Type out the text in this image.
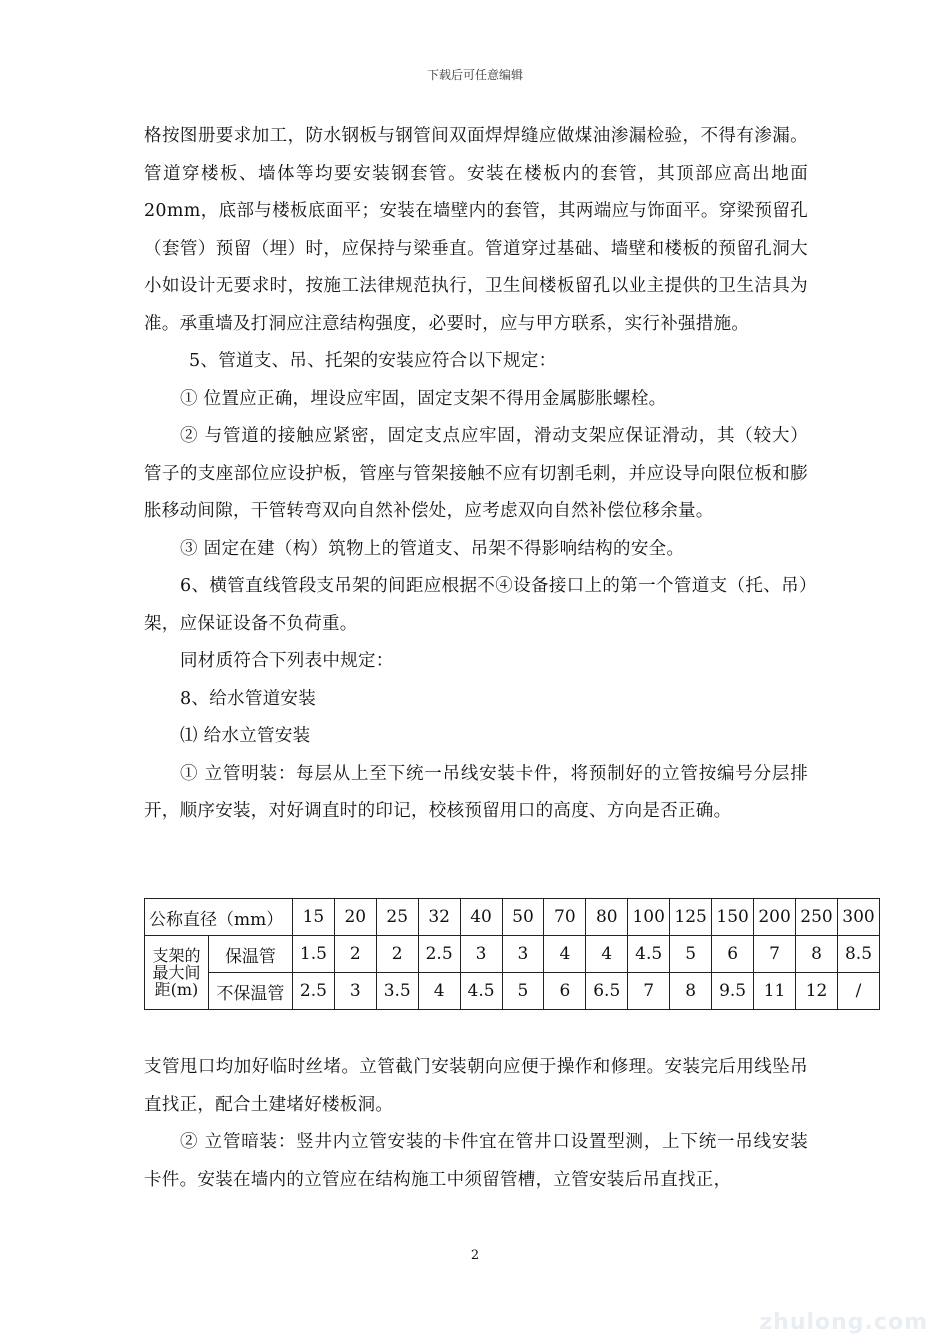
下载后可任意编辑

格按图册要求加工，防水钢板与钢管间双面焊焊缝应做煤油渗漏检验，不得有渗漏。管道穿楼板、墙体等均要安装钢套管。安装在楼板内的套管，其顶部应高出地面20mm，底部与楼板底面平；安装在墙壁内的套管，其两端应与饰面平。穿梁预留孔（套管）预留（埋）时，应保持与梁垂直。管道穿过基础、墙壁和楼板的预留孔洞大小如设计无要求时，按施工法律规范执行，卫生间楼板留孔以业主提供的卫生洁具为准。承重墙及打洞应注意结构强度，必要时，应与甲方联系，实行补强措施。

5、管道支、吊、托架的安装应符合以下规定：

① 位置应正确，埋设应牢固，固定支架不得用金属膨胀螺栓。

② 与管道的接触应紧密，固定支点应牢固，滑动支架应保证滑动，其（较大）管子的支座部位应设护板，管座与管架接触不应有切割毛刺，并应设导向限位板和膨胀移动间隙，干管转弯双向自然补偿处，应考虑双向自然补偿位移余量。

③ 固定在建（构）筑物上的管道支、吊架不得影响结构的安全。

6、横管直线管段支吊架的间距应根据不④设备接口上的第一个管道支（托、吊）架，应保证设备不负荷重。

同材质符合下列表中规定：

8、给水管道安装

⑴ 给水立管安装

① 立管明装：每层从上至下统一吊线安装卡件，将预制好的立管按编号分层排开，顺序安装，对好调直时的印记，校核预留用口的高度、方向是否正确。

公称直径（mm）		15	20	25	32	40	50	70	80	100	125	150	200	250	300
支架的最大间距(m)	保温管	1.5	2	2	2.5	3	3	4	4	4.5	5	6	7	8	8.5
	不保温管	2.5	3	3.5	4	4.5	5	6	6.5	7	8	9.5	11	12	/

支管甩口均加好临时丝堵。立管截门安装朝向应便于操作和修理。安装完后用线坠吊直找正，配合土建堵好楼板洞。

② 立管暗装：竖井内立管安装的卡件宜在管井口设置型测，上下统一吊线安装卡件。安装在墙内的立管应在结构施工中须留管槽，立管安装后吊直找正，

2
zhulong.com
